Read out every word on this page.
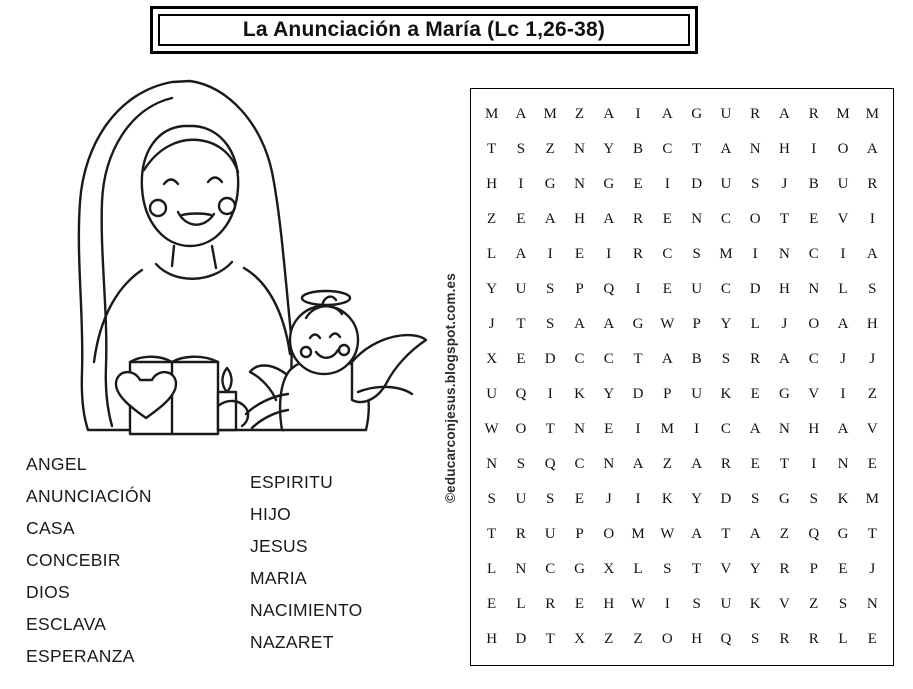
La Anunciación a María (Lc 1,26-38)
ANGEL
ANUNCIACIÓN
CASA
CONCEBIR
DIOS
ESCLAVA
ESPERANZA
ESPIRITU
HIJO
JESUS
MARIA
NACIMIENTO
NAZARET
©educarconjesus.blogspot.com.es
M	A	M	Z	A	I	A	G	U	R	A	R	M	M
T	S	Z	N	Y	B	C	T	A	N	H	I	O	A
H	I	G	N	G	E	I	D	U	S	J	B	U	R
Z	E	A	H	A	R	E	N	C	O	T	E	V	I
L	A	I	E	I	R	C	S	M	I	N	C	I	A
Y	U	S	P	Q	I	E	U	C	D	H	N	L	S
J	T	S	A	A	G	W	P	Y	L	J	O	A	H
X	E	D	C	C	T	A	B	S	R	A	C	J	J
U	Q	I	K	Y	D	P	U	K	E	G	V	I	Z
W	O	T	N	E	I	M	I	C	A	N	H	A	V
N	S	Q	C	N	A	Z	A	R	E	T	I	N	E
S	U	S	E	J	I	K	Y	D	S	G	S	K	M
T	R	U	P	O	M	W	A	T	A	Z	Q	G	T
L	N	C	G	X	L	S	T	V	Y	R	P	E	J
E	L	R	E	H	W	I	S	U	K	V	Z	S	N
H	D	T	X	Z	Z	O	H	Q	S	R	R	L	E
